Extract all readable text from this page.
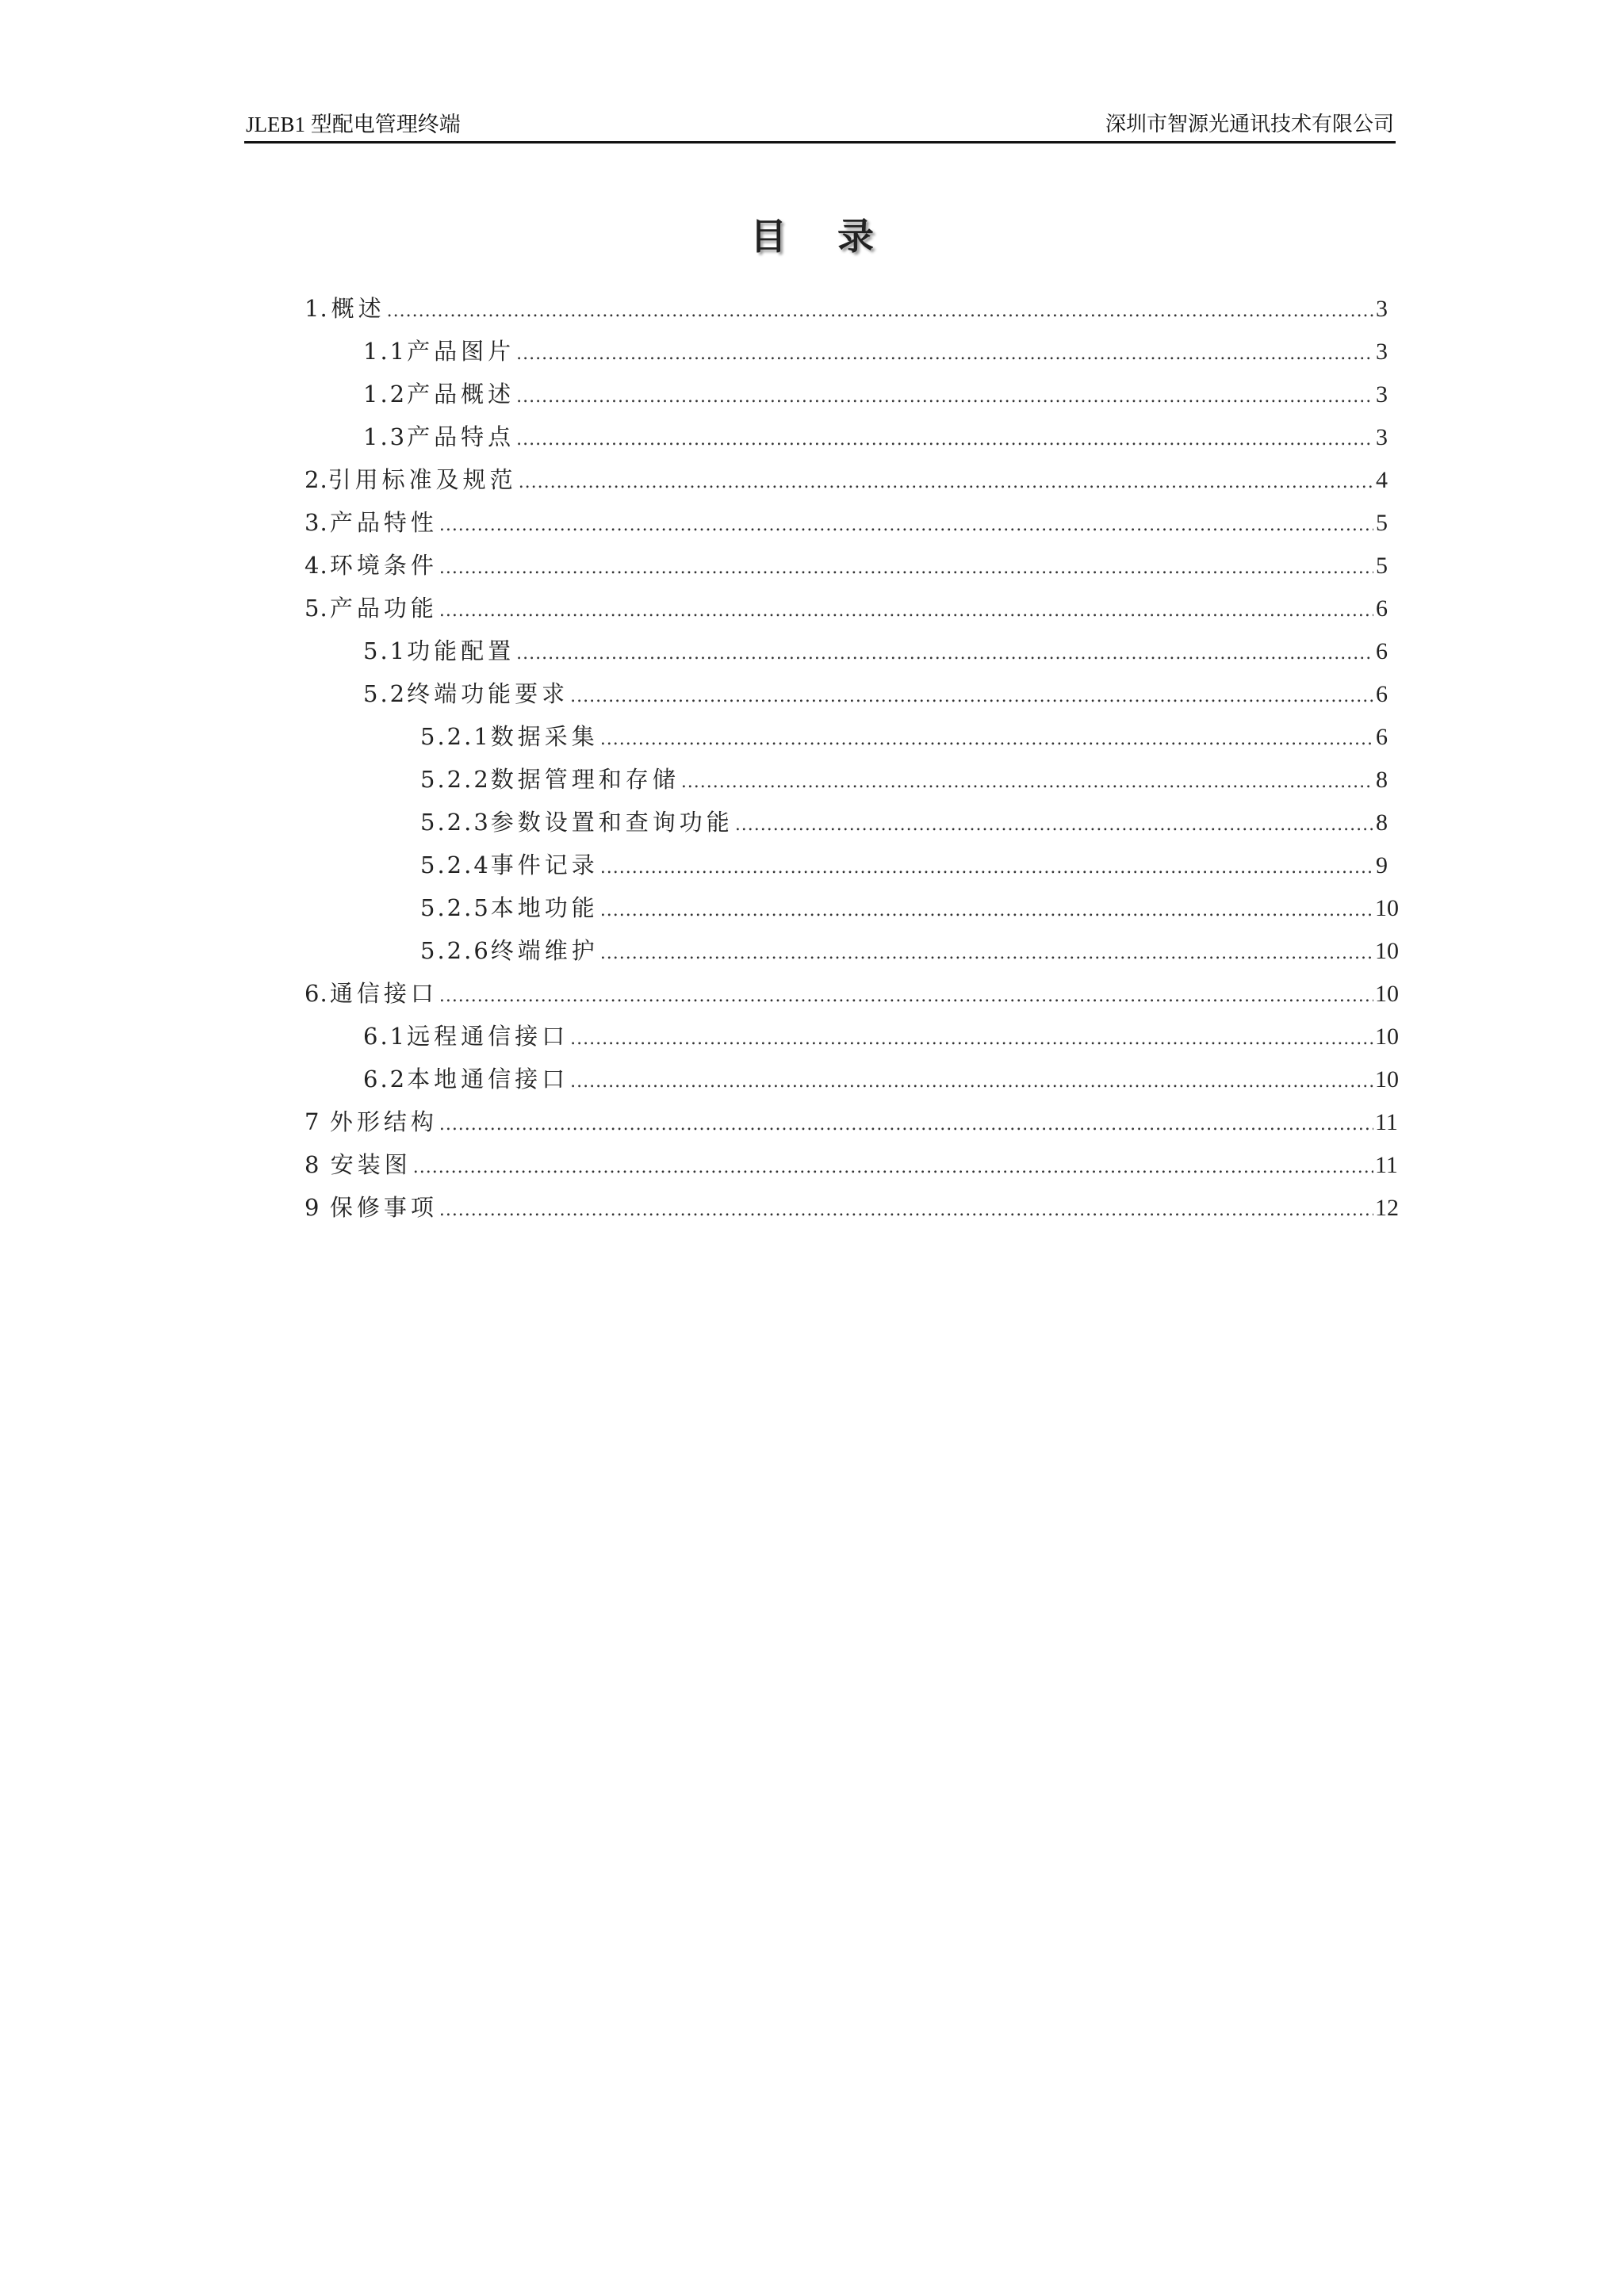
JLEB1 型配电管理终端	深圳市智源光通讯技术有限公司
目录
1. 概述 .....	3
1.1 产品图片 .....	3
1.2 产品概述 .....	3
1.3 产品特点 .....	3
2. 引用标准及规范 .....	4
3. 产品特性 .....	5
4. 环境条件 .....	5
5. 产品功能 .....	6
5.1 功能配置 .....	6
5.2 终端功能要求 .....	6
5.2.1 数据采集 .....	6
5.2.2 数据管理和存储 .....	8
5.2.3 参数设置和查询功能 .....	8
5.2.4 事件记录 .....	9
5.2.5 本地功能 .....	10
5.2.6 终端维护 .....	10
6. 通信接口 .....	10
6.1 远程通信接口 .....	10
6.2 本地通信接口 .....	10
7 外形结构 .....	11
8 安装图 .....	11
9 保修事项 .....	12
